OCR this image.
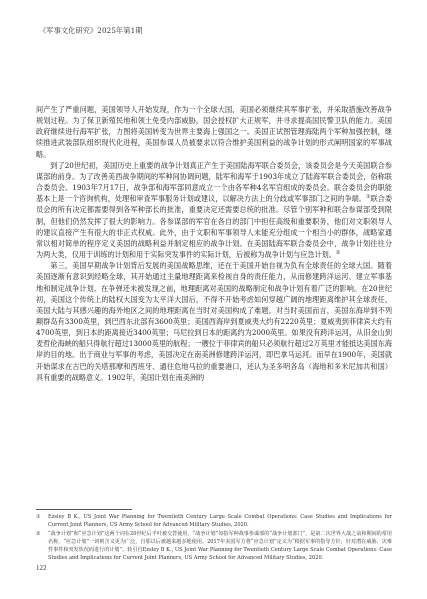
《军事文化研究》2025年第1期

间产生了严重问题，美国领导人开始发现，作为一个全球大国，美国必须继续其军事扩张，并采取措施改善战争规划过程。为了保卫新殖民地和领土免受内部威胁，国会授权扩大正规军，并寻求提高国民警卫队的能力。美国政府继续进行海军扩张，力图将美国转变为世界主要海上强国之一。美国正试图管理海陆两个军种加强控制，继续推进武装部队组织现代化进程，美国参谋人员被要求以符合维护美国利益的战争计划的形式阐明国家的军事战略。

到了20世纪初，美国历史上重要的战争计划真正产生于美国陆海军联合委员会，该委员会是今天美国联合参谋部的前身。为了改善美西战争期间的军种间协调问题，陆军和海军于1903年成立了陆海军联合委员会，俗称联合委员会。1903年7月17日，战争部和海军部同意成立一个由各军种4名军官组成的委员会。联合委员会的职能基本上是一个咨询机构，处理和审查军事服务计划或建议，以解决方法上的分歧或军事部门之间的争端。①联合委员会的所有决定都需要得到各军种部长的批准，重要决定还需要总统的批准。尽管个别军种和联合参谋部受到限制，但他们仍然发挥了很大的影响力。各参谋部的军官在各自的部门中担任高级和重要职务，他们对文职领导人的建议直接产生有很大的非正式权威。此外，由于文职和军事领导人未能充分组成一个相当小的群体，战略家通常以相对简单的程序定义美国的战略利益并制定相应的战争计划。在美国陆海军联合委员会中，战争计划往往分为两大类，仅用于训练的计划和用于实际突发事件的实际计划，后被称为战争计划与应急计划。②

第三，美国早期战争计划背后发展的美国战略思维，还在于美国开始自视为负有全球责任的全球大国。随着美国逐渐有意识到经略全球，其开始通过主量地理距离来检视自身的责任能力，从而修建跨洋运河、建立军事基地和制定战争计划。在争弹还未被发现之前，地理距离对美国的战略制定和战争计划有着广泛的影响。在20世纪初，美国这个传统上的陆权大国变为太平洋大国后，不得不开始考虑如何穿越广阔的地理距离维护其全球责任，美国大陆与其感兴趣的海外地区之间的地理距离在当时对美国构成了难题。对当时美国而言，美国东海岸到不列颠群岛有3300英里，到巴西东北部有3600英里；美国西海岸到夏威夷大约有2220英里；夏威夷到菲律宾大约有4700英里，到日本的距离接近3400英里；马尼拉到日本的距离约为2000英里。如果没有跨洋运河，从旧金山到麦哲伦海峡的船只得航行超过13000英里的航程；一艘位于菲律宾的船只必须航行超过2万英里才能抵达美国东海岸的目的地。出于商业与军事的考虑，美国决定在南美洲修建跨洋运河，即巴拿马运河。而早在1900年，美国就开始谋求在古巴的关塔那摩和西班牙、通往危地马拉的重要港口，还认为圣多明各岛（海地和多米尼加共和国）具有重要的战略意义。1902年，美国计划在南美洲的

①	Ezsley B K., US Joint War Planning for Twentieth Century Large Scale Combat Operations: Case Studies and Implications for Current Joint Planners, US Army School for Advanced Military Studies, 2020.
②	“战争计划”和“应急计划”这两个词在20世纪后半叶被交替使用，“战争计划”如指军种战事参谋部的“战争计划部门”，是第二次世界大战之前和期间的常用名称，“应急计划”一词则含义更为广泛，自那以后被越来越多地使用。2017年美国军方将“应急计划”定义为“根据军事的指导方针，针对潜在威胁、灾难性事件和突发状况而进行的计划”。转引自Ezsley B K., US Joint War Planning for Twentieth Century Large Scale Combat Operations: Case Studies and Implications for Current Joint Planners, US Army School for Advanced Military Studies, 2020.
122
